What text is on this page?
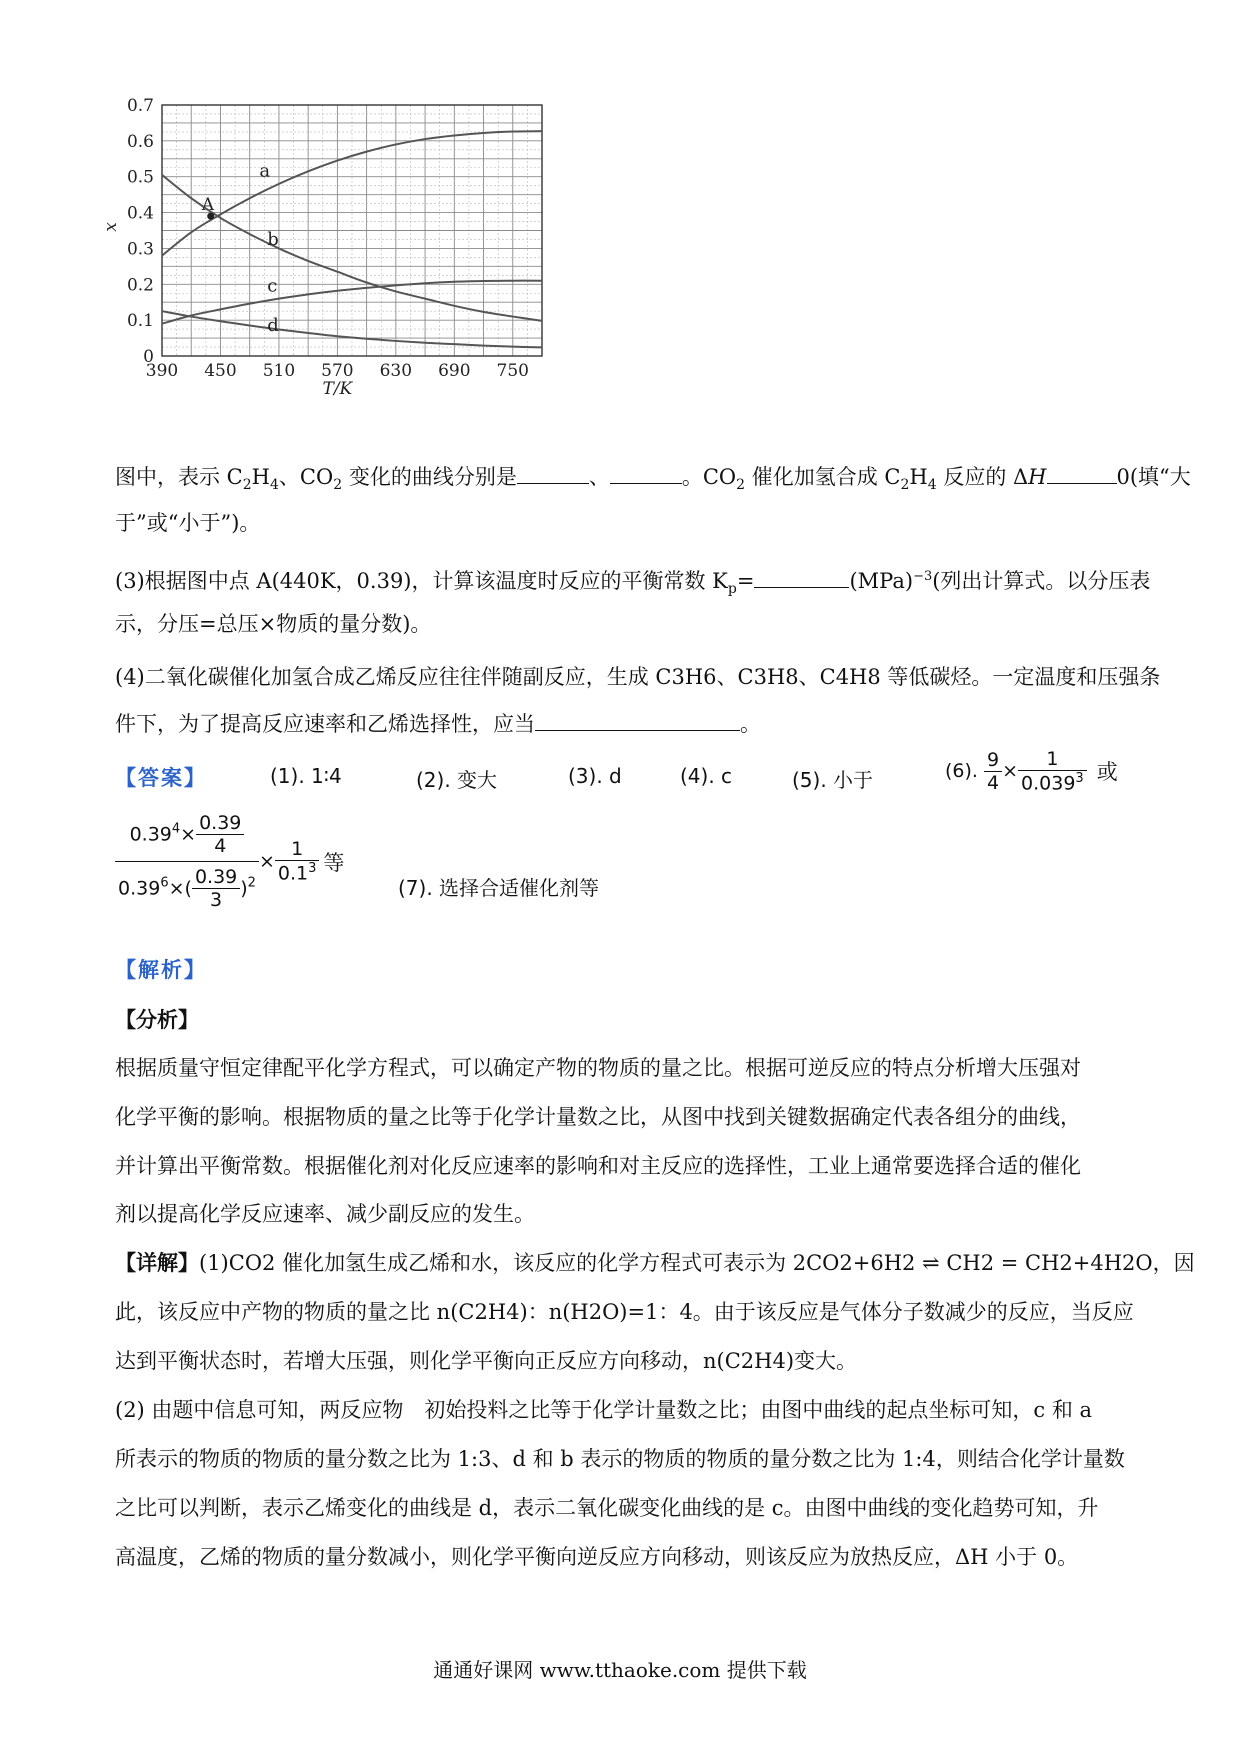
0
0.1
0.2
0.3
0.4
0.5
0.6
0.7
390 450 510 570 630 690 750
T/K
x
a
b
c
d
A
图中，表示 $C_2H_4$、$CO_2$ 变化的曲线分别是	、	。$CO_2$ 催化加氢合成 $C_2H_4$ 反应的 ΔH	0(填“大
于”或“小于”)。
(3)根据图中点 A(440K，0.39)，计算该温度时反应的平衡常数 $K_p=$	(MPa)$^{-3}$(列出计算式。以分压表
示，分压=总压×物质的量分数)。
(4)二氧化碳催化加氢合成乙烯反应往往伴随副反应，生成 C3H6、C3H8、C4H8 等低碳烃。一定温度和压强条
件下，为了提高反应速率和乙烯选择性，应当	。
【答案】	(1). 1∶4	(2). 变大	(3). d	(4). c	(5). 小于	(6). $\frac{9}{4} \times \frac{1}{0.039^3}$ 或
$\frac{0.39^4\times \frac{0.39}{4}}{0.39^6\times( \frac{0.39}{3} )^2} \times \frac{1}{0.1^3}$ 等
(7). 选择合适催化剂等
【解析】
【分析】
根据质量守恒定律配平化学方程式，可以确定产物的物质的量之比。根据可逆反应的特点分析增大压强对
化学平衡的影响。根据物质的量之比等于化学计量数之比，从图中找到关键数据确定代表各组分的曲线，
并计算出平衡常数。根据催化剂对化反应速率的影响和对主反应的选择性，工业上通常要选择合适的催化
剂以提高化学反应速率、减少副反应的发生。
【详解】(1)CO2 催化加氢生成乙烯和水，该反应的化学方程式可表示为 2CO2+6H2 ⇌ CH2 = CH2+4H2O，因
此，该反应中产物的物质的量之比 n(C2H4)：n(H2O)=1：4。由于该反应是气体分子数减少的反应，当反应
达到平衡状态时，若增大压强，则化学平衡向正反应方向移动，n(C2H4)变大。
(2) 由题中信息可知，两反应物　初始投料之比等于化学计量数之比；由图中曲线的起点坐标可知，c 和 a
所表示的物质的物质的量分数之比为 1:3、d 和 b 表示的物质的物质的量分数之比为 1:4，则结合化学计量数
之比可以判断，表示乙烯变化的曲线是 d，表示二氧化碳变化曲线的是 c。由图中曲线的变化趋势可知，升
高温度，乙烯的物质的量分数减小，则化学平衡向逆反应方向移动，则该反应为放热反应，ΔH 小于 0。
通通好课网 www.tthaoke.com 提供下载
